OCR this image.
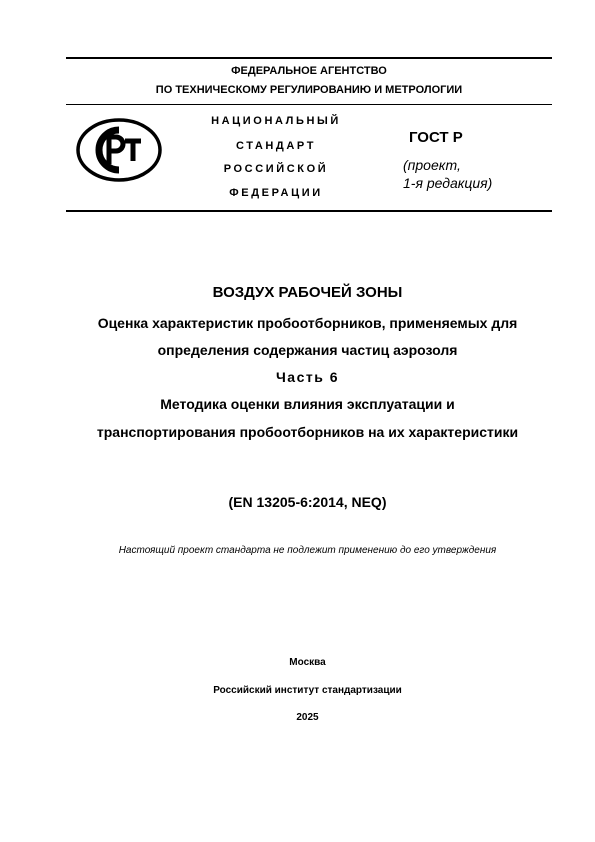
ФЕДЕРАЛЬНОЕ АГЕНТСТВО
ПО ТЕХНИЧЕСКОМУ РЕГУЛИРОВАНИЮ И МЕТРОЛОГИИ
НАЦИОНАЛЬНЫЙ
СТАНДАРТ
РОССИЙСКОЙ
ФЕДЕРАЦИИ
ГОСТ Р
(проект,
1-я редакция)
ВОЗДУХ РАБОЧЕЙ ЗОНЫ
Оценка характеристик пробоотборников, применяемых для
определения содержания частиц аэрозоля
Часть 6
Методика оценки влияния эксплуатации и
транспортирования пробоотборников на их характеристики
(EN 13205-6:2014, NEQ)
Настоящий проект стандарта не подлежит применению до его утверждения
Москва
Российский институт стандартизации
2025
